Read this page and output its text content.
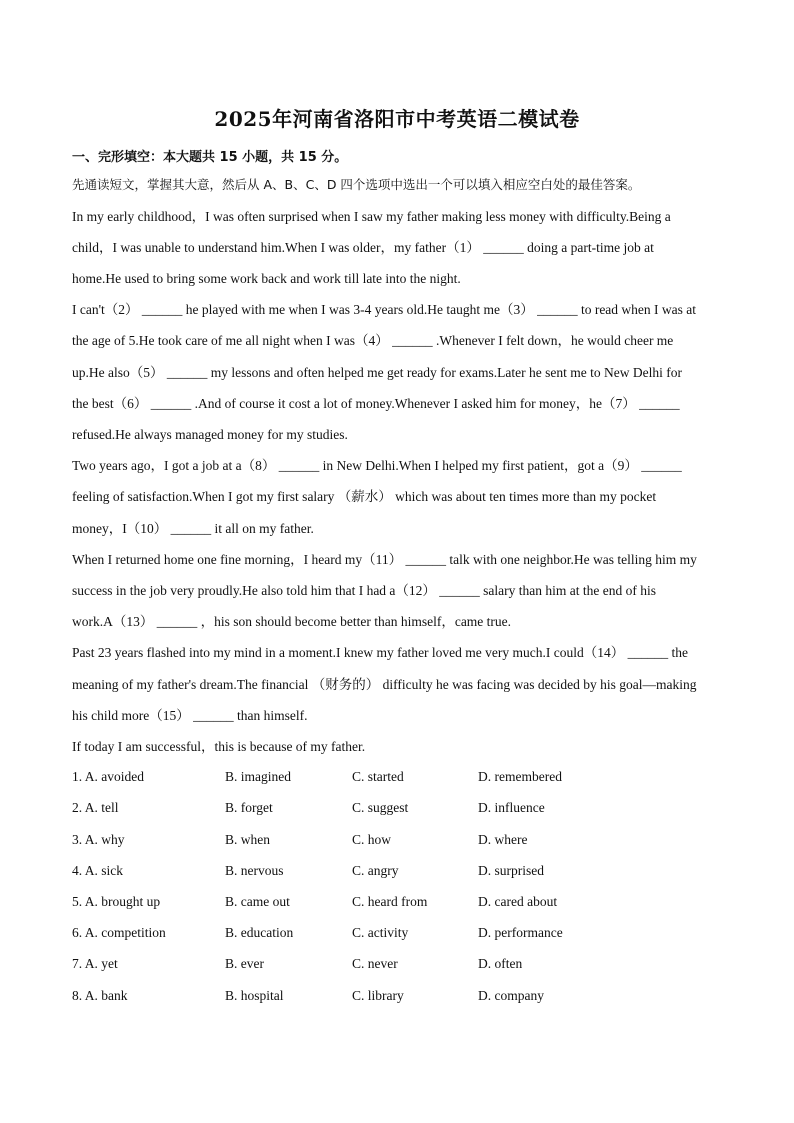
2025年河南省洛阳市中考英语二模试卷
一、完形填空：本大题共 15 小题，共 15 分。
先通读短文，掌握其大意，然后从 A、B、C、D 四个选项中选出一个可以填入相应空白处的最佳答案。
In my early childhood，I was often surprised when I saw my father making less money with difficulty.Being a
child，I was unable to understand him.When I was older，my father（1） ______ doing a part-time job at
home.He used to bring some work back and work till late into the night.
I can't（2） ______ he played with me when I was 3-4 years old.He taught me（3） ______ to read when I was at
the age of 5.He took care of me all night when I was（4） ______ .Whenever I felt down，he would cheer me
up.He also（5） ______ my lessons and often helped me get ready for exams.Later he sent me to New Delhi for
the best（6） ______ .And of course it cost a lot of money.Whenever I asked him for money，he（7） ______
refused.He always managed money for my studies.
Two years ago，I got a job at a（8） ______ in New Delhi.When I helped my first patient，got a（9） ______
feeling of satisfaction.When I got my first salary （薪水） which was about ten times more than my pocket
money，I（10） ______ it all on my father.
When I returned home one fine morning，I heard my（11） ______ talk with one neighbor.He was telling him my
success in the job very proudly.He also told him that I had a（12） ______ salary than him at the end of his
work.A（13） ______ ，his son should become better than himself，came true.
Past 23 years flashed into my mind in a moment.I knew my father loved me very much.I could（14） ______ the
meaning of my father's dream.The financial （财务的） difficulty he was facing was decided by his goal—making
his child more（15） ______ than himself.
If today I am successful，this is because of my father.
1. A. avoided	B. imagined	C. started	D. remembered
2. A. tell	B. forget	C. suggest	D. influence
3. A. why	B. when	C. how	D. where
4. A. sick	B. nervous	C. angry	D. surprised
5. A. brought up	B. came out	C. heard from	D. cared about
6. A. competition	B. education	C. activity	D. performance
7. A. yet	B. ever	C. never	D. often
8. A. bank	B. hospital	C. library	D. company
